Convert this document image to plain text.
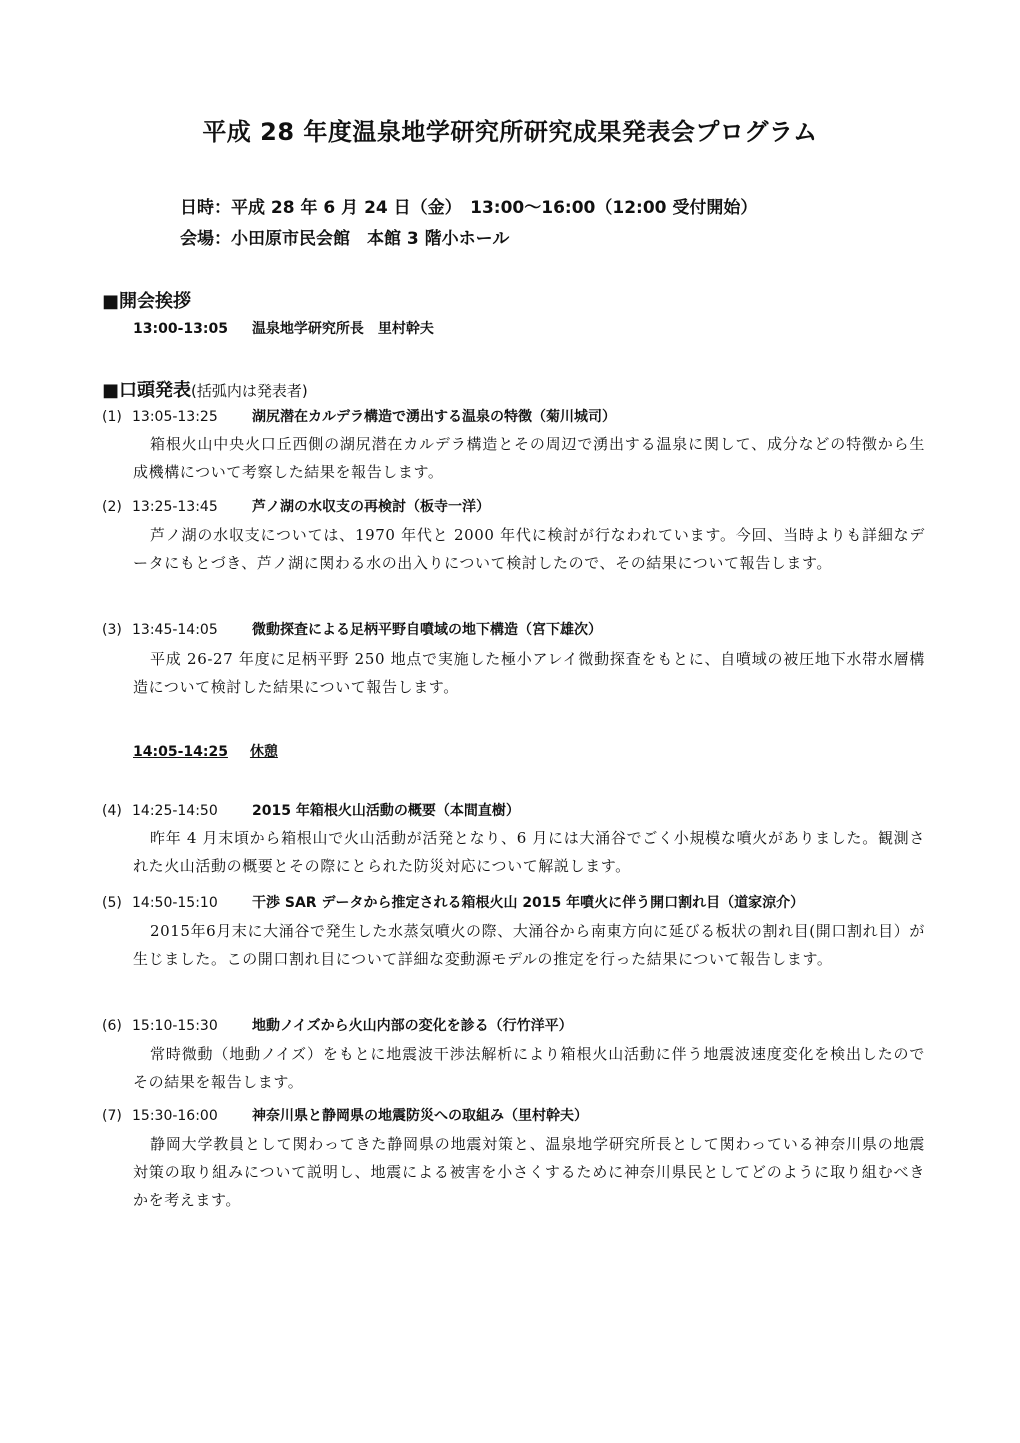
平成 28 年度温泉地学研究所研究成果発表会プログラム
日時：平成 28 年 6 月 24 日（金）　13:00〜16:00（12:00 受付開始）
会場：小田原市民会館　本館 3 階小ホール
■開会挨拶
13:00-13:05 温泉地学研究所長　里村幹夫
■口頭発表(括弧内は発表者)
(1) 13:05-13:25 湖尻潜在カルデラ構造で湧出する温泉の特徴（菊川城司）
箱根火山中央火口丘西側の湖尻潜在カルデラ構造とその周辺で湧出する温泉に関して、成分などの特徴から生成機構について考察した結果を報告します。
(2) 13:25-13:45 芦ノ湖の水収支の再検討（板寺一洋）
芦ノ湖の水収支については、1970 年代と 2000 年代に検討が行なわれています。今回、当時よりも詳細なデータにもとづき、芦ノ湖に関わる水の出入りについて検討したので、その結果について報告します。
(3) 13:45-14:05 微動探査による足柄平野自噴域の地下構造（宮下雄次）
平成 26-27 年度に足柄平野 250 地点で実施した極小アレイ微動探査をもとに、自噴域の被圧地下水帯水層構造について検討した結果について報告します。
14:05-14:25 休憩
(4) 14:25-14:50 2015 年箱根火山活動の概要（本間直樹）
昨年 4 月末頃から箱根山で火山活動が活発となり、6 月には大涌谷でごく小規模な噴火がありました。観測された火山活動の概要とその際にとられた防災対応について解説します。
(5) 14:50-15:10 干渉 SAR データから推定される箱根火山 2015 年噴火に伴う開口割れ目（道家涼介）
2015年6月末に大涌谷で発生した水蒸気噴火の際、大涌谷から南東方向に延びる板状の割れ目(開口割れ目）が生じました。この開口割れ目について詳細な変動源モデルの推定を行った結果について報告します。
(6) 15:10-15:30 地動ノイズから火山内部の変化を診る（行竹洋平）
常時微動（地動ノイズ）をもとに地震波干渉法解析により箱根火山活動に伴う地震波速度変化を検出したのでその結果を報告します。
(7) 15:30-16:00 神奈川県と静岡県の地震防災への取組み（里村幹夫）
静岡大学教員として関わってきた静岡県の地震対策と、温泉地学研究所長として関わっている神奈川県の地震対策の取り組みについて説明し、地震による被害を小さくするために神奈川県民としてどのように取り組むべきかを考えます。
